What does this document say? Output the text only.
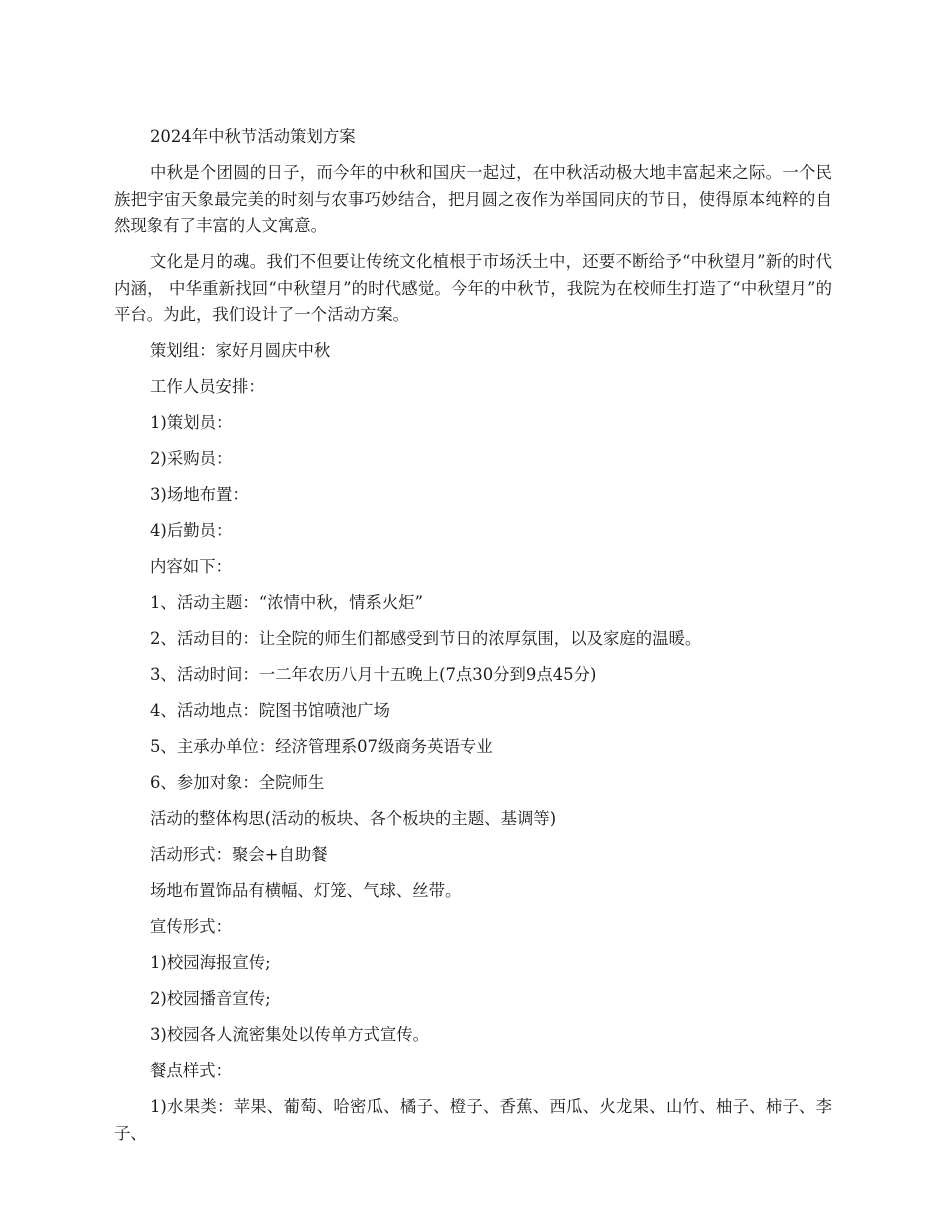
2024年中秋节活动策划方案

中秋是个团圆的日子，而今年的中秋和国庆一起过，在中秋活动极大地丰富起来之际。一个民族把宇宙天象最完美的时刻与农事巧妙结合，把月圆之夜作为举国同庆的节日，使得原本纯粹的自然现象有了丰富的人文寓意。

文化是月的魂。我们不但要让传统文化植根于市场沃土中，还要不断给予“中秋望月”新的时代内涵， 中华重新找回“中秋望月”的时代感觉。今年的中秋节，我院为在校师生打造了“中秋望月”的平台。为此，我们设计了一个活动方案。

策划组：家好月圆庆中秋

工作人员安排：

1)策划员：

2)采购员：

3)场地布置：

4)后勤员：

内容如下：

1、活动主题：“浓情中秋，情系火炬”

2、活动目的：让全院的师生们都感受到节日的浓厚氛围，以及家庭的温暖。

3、活动时间：一二年农历八月十五晚上(7点30分到9点45分)

4、活动地点：院图书馆喷池广场

5、主承办单位：经济管理系07级商务英语专业

6、参加对象：全院师生

活动的整体构思(活动的板块、各个板块的主题、基调等)

活动形式：聚会+自助餐

场地布置饰品有横幅、灯笼、气球、丝带。

宣传形式：

1)校园海报宣传;

2)校园播音宣传;

3)校园各人流密集处以传单方式宣传。

餐点样式：

1)水果类：苹果、葡萄、哈密瓜、橘子、橙子、香蕉、西瓜、火龙果、山竹、柚子、柿子、李子、
